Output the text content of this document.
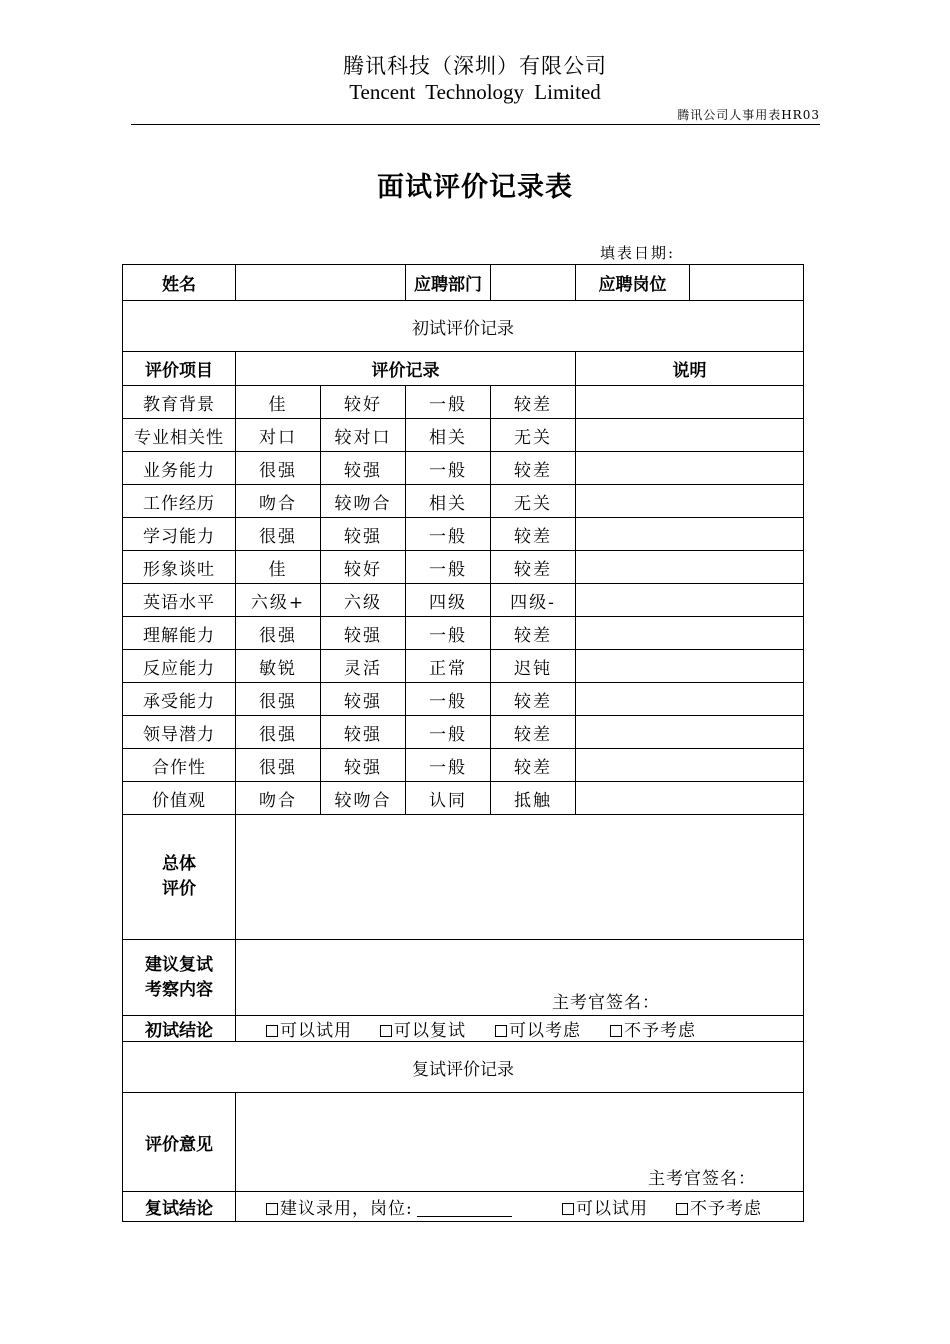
腾讯科技（深圳）有限公司
Tencent Technology Limited
腾讯公司人事用表HR03
面试评价记录表
填表日期:
姓名			应聘部门		应聘岗位	
初试评价记录						
评价项目	评价记录				说明	
教育背景	佳	较好	一般	较差		
专业相关性	对口	较对口	相关	无关		
业务能力	很强	较强	一般	较差		
工作经历	吻合	较吻合	相关	无关		
学习能力	很强	较强	一般	较差		
形象谈吐	佳	较好	一般	较差		
英语水平	六级+	六级	四级	四级-		
理解能力	很强	较强	一般	较差		
反应能力	敏锐	灵活	正常	迟钝		
承受能力	很强	较强	一般	较差		
领导潜力	很强	较强	一般	较差		
合作性	很强	较强	一般	较差		
价值观	吻合	较吻合	认同	抵触		
总体
评价						
建议复试
考察内容	主考官签名：					

初试结论	可以试用 可以复试 可以考虑 不予考虑					
复试评价记录						
评价意见	主考官签名：					

复试结论	建议录用，岗位: 可以试用 不予考虑					
